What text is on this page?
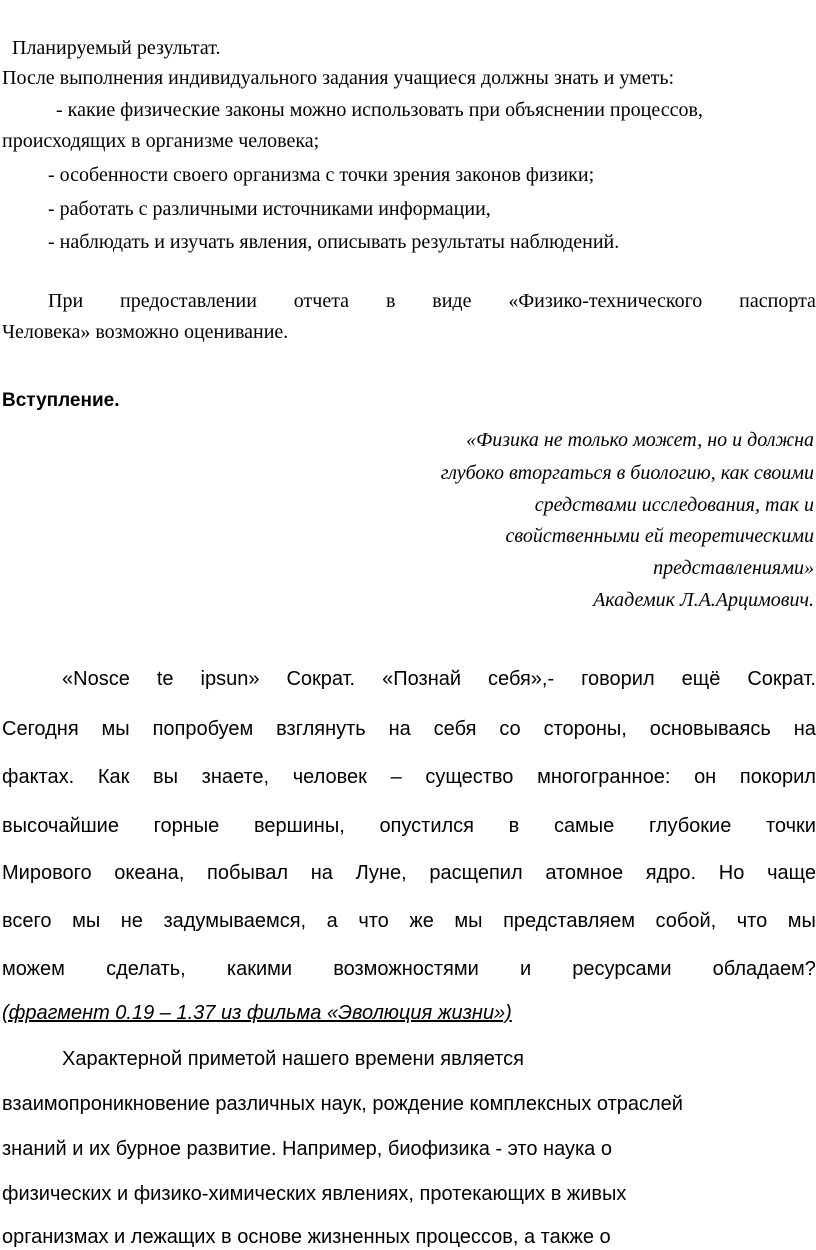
Планируемый результат.
После выполнения индивидуального задания учащиеся должны знать и уметь:
- какие физические законы можно использовать при объяснении процессов,
происходящих в организме человека;
- особенности своего организма с точки зрения законов физики;
- работать с различными источниками информации,
- наблюдать и изучать явления, описывать результаты наблюдений.
При предоставлении отчета в виде «Физико-технического паспорта
Человека» возможно оценивание.
Вступление.
«Физика не только может, но и должна
глубоко вторгаться в биологию, как своими
средствами исследования, так и
свойственными ей теоретическими
представлениями»
Академик Л.А.Арцимович.
«Nosce te ipsun» Сократ. «Познай себя»,- говорил ещё Сократ.
Сегодня мы попробуем взглянуть на себя со стороны, основываясь на
фактах. Как вы знаете, человек – существо многогранное: он покорил
высочайшие горные вершины, опустился в самые глубокие точки
Мирового океана, побывал на Луне, расщепил атомное ядро. Но чаще
всего мы не задумываемся, а что же мы представляем собой, что мы
можем сделать, какими возможностями и ресурсами обладаем?
(фрагмент 0.19 – 1.37 из фильма «Эволюция жизни»)
Характерной приметой нашего времени является
взаимопроникновение различных наук, рождение комплексных отраслей
знаний и их бурное развитие. Например, биофизика - это наука о
физических и физико-химических явлениях, протекающих в живых
организмах и лежащих в основе жизненных процессов, а также о
